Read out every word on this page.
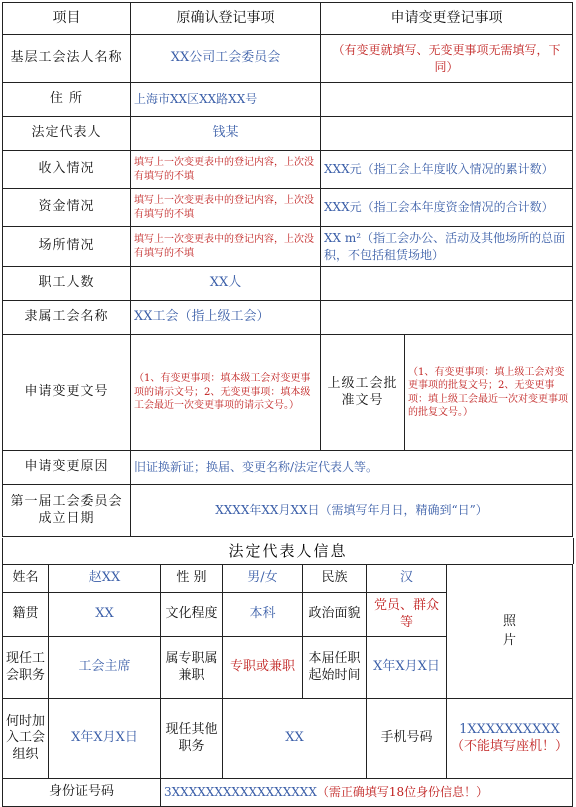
项目	原确认登记事项	申请变更登记事项	
基层工会法人名称	XX公司工会委员会	（有变更就填写、无变更事项无需填写，下同）	
住 所	上海市XX区XX路XX号		
法定代表人	钱某		
收入情况	填写上一次变更表中的登记内容，上次没有填写的不填	XXX元（指工会上年度收入情况的累计数）	
资金情况	填写上一次变更表中的登记内容，上次没有填写的不填	XXX元（指工会本年度资金情况的合计数）	
场所情况	填写上一次变更表中的登记内容，上次没有填写的不填	XX m²（指工会办公、活动及其他场所的总面积，不包括租赁场地）	
职工人数	XX人		
隶属工会名称	XX工会（指上级工会）		
申请变更文号	（1、有变更事项：填本级工会对变更事项的请示文号；2、无变更事项：填本级工会最近一次变更事项的请示文号。）	上级工会批准文号	（1、有变更事项：填上级工会对变更事项的批复文号；2、无变更事项：填上级工会最近一次对变更事项的批复文号。）
申请变更原因	旧证换新证；换届、变更名称/法定代表人等。		
第一届工会委员会成立日期	XXXX年XX月XX日（需填写年月日，精确到“日”）		
法定代表人信息
姓名	赵XX	性 别	男/女	民族	汉	照片
籍贯	XX	文化程度	本科	政治面貌	党员、群众等	
现任工会职务	工会主席	属专职属兼职	专职或兼职	本届任职起始时间	X年X月X日	
何时加入工会组织	X年X月X日	现任其他职务	XX		手机号码	1XXXXXXXXXX
（不能填写座机！）

身份证号码		3XXXXXXXXXXXXXXXXX（需正确填写18位身份信息！）				
